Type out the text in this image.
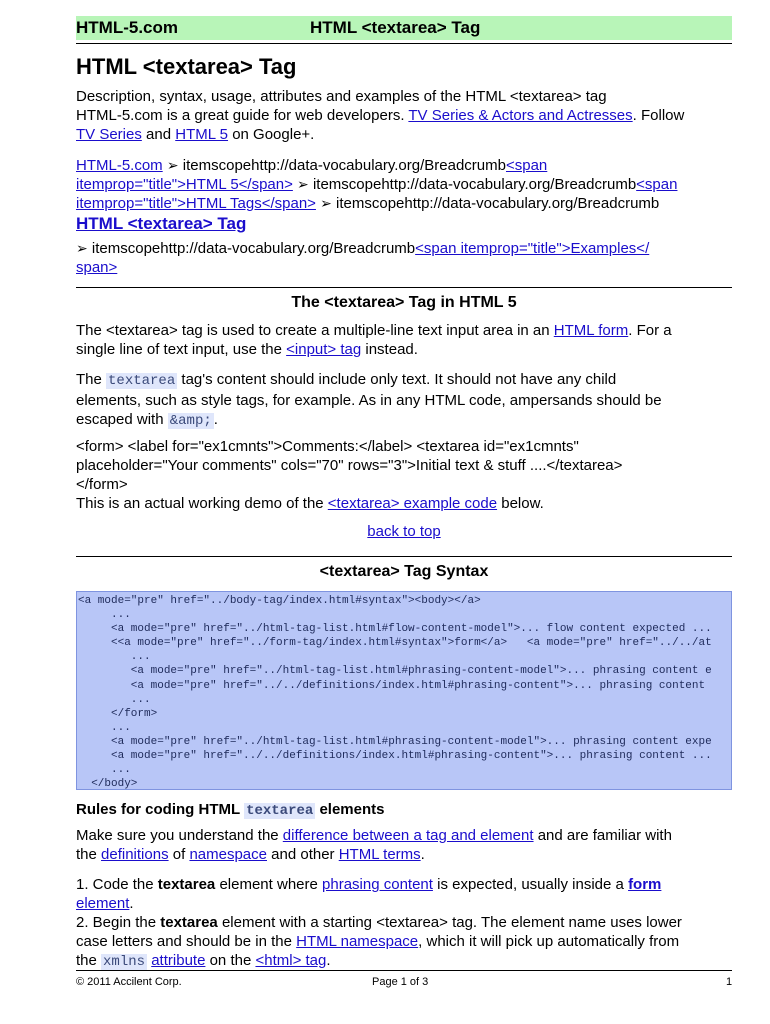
HTML-5.com	HTML <textarea> Tag
HTML <textarea> Tag
Description, syntax, usage, attributes and examples of the HTML <textarea> tag
HTML-5.com is a great guide for web developers. TV Series & Actors and Actresses. Follow
TV Series and HTML 5 on Google+.
HTML-5.com ➢ itemscopehttp://data-vocabulary.org/Breadcrumb<span
itemprop="title">HTML 5</span> ➢ itemscopehttp://data-vocabulary.org/Breadcrumb<span
itemprop="title">HTML Tags</span> ➢ itemscopehttp://data-vocabulary.org/Breadcrumb
HTML <textarea> Tag
➢ itemscopehttp://data-vocabulary.org/Breadcrumb<span itemprop="title">Examples</
span>
The <textarea> Tag in HTML 5
The <textarea> tag is used to create a multiple-line text input area in an HTML form. For a
single line of text input, use the <input> tag instead.
The textarea tag's content should include only text. It should not have any child
elements, such as style tags, for example. As in any HTML code, ampersands should be
escaped with &amp; .
<form> <label for="ex1cmnts">Comments:</label> <textarea id="ex1cmnts"
placeholder="Your comments" cols="70" rows="3">Initial text & stuff ....</textarea>
</form>
This is an actual working demo of the <textarea> example code below.
back to top
<textarea> Tag Syntax
<a mode="pre" href="../body-tag/index.html#syntax"><body></a>
...
<a mode="pre" href="../html-tag-list.html#flow-content-model">... flow content expected ...
<<a mode="pre" href="../form-tag/index.html#syntax">form</a>   <a mode="pre" href="../../at
...
<a mode="pre" href="../html-tag-list.html#phrasing-content-model">... phrasing content e
<a mode="pre" href="../../definitions/index.html#phrasing-content">... phrasing content
...
</form>
...
<a mode="pre" href="../html-tag-list.html#phrasing-content-model">... phrasing content expe
<a mode="pre" href="../../definitions/index.html#phrasing-content">... phrasing content ...
...
</body>
Rules for coding HTML textarea elements
Make sure you understand the difference between a tag and element and are familiar with
the definitions of namespace and other HTML terms.
1. Code the textarea element where phrasing content is expected, usually inside a form
element.
2. Begin the textarea element with a starting <textarea> tag. The element name uses lower
case letters and should be in the HTML namespace, which it will pick up automatically from
the xmlns attribute on the <html> tag.
© 2011 Accilent Corp.	Page 1 of 3	1
